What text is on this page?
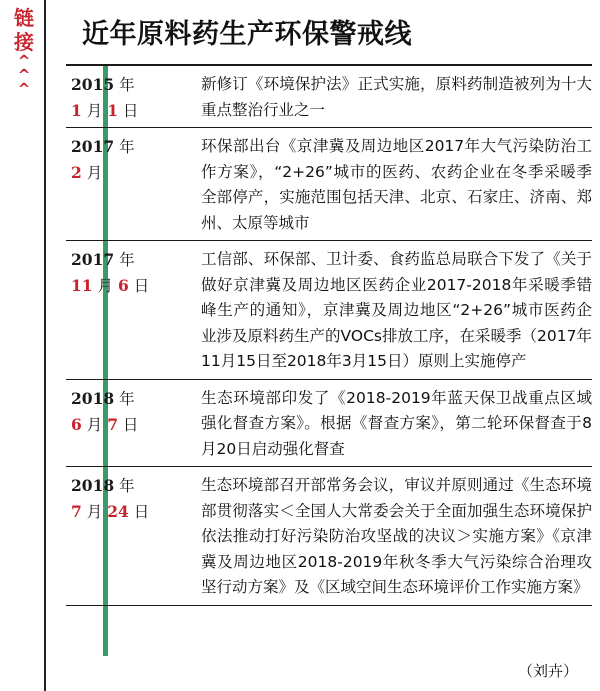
链
接
^
^
^
近年原料药生产环保警戒线
2015 年
1 月 1 日
新修订《环境保护法》正式实施，原料药制造被列为十大重点整治行业之一
2017 年
2 月
环保部出台《京津冀及周边地区2017年大气污染防治工作方案》，“2+26”城市的医药、农药企业在冬季采暖季全部停产，实施范围包括天津、北京、石家庄、济南、郑州、太原等城市
2017 年
11 月 6 日
工信部、环保部、卫计委、食药监总局联合下发了《关于做好京津冀及周边地区医药企业2017-2018年采暖季错峰生产的通知》，京津冀及周边地区“2+26”城市医药企业涉及原料药生产的VOCs排放工序，在采暖季（2017年11月15日至2018年3月15日）原则上实施停产
2018 年
6 月 7 日
生态环境部印发了《2018-2019年蓝天保卫战重点区域强化督查方案》。根据《督查方案》，第二轮环保督查于8月20日启动强化督查
2018 年
7 月 24 日
生态环境部召开部常务会议，审议并原则通过《生态环境部贯彻落实＜全国人大常委会关于全面加强生态环境保护 依法推动打好污染防治攻坚战的决议＞实施方案》《京津冀及周边地区2018-2019年秋冬季大气污染综合治理攻坚行动方案》及《区域空间生态环境评价工作实施方案》
（刘卉）
